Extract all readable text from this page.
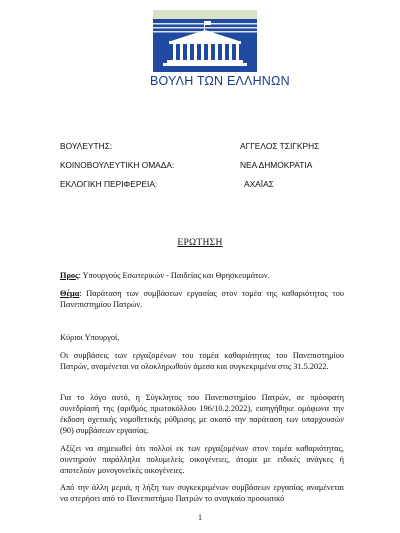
ΒΟΥΛΗ ΤΩΝ ΕΛΛΗΝΩΝ
ΒΟΥΛΕΥΤΗΣ:	ΑΓΓΕΛΟΣ ΤΣΙΓΚΡΗΣ
ΚΟΙΝΟΒΟΥΛΕΥΤΙΚΗ ΟΜΑΔΑ:	ΝΕΑ ΔΗΜΟΚΡΑΤΙΑ
ΕΚΛΟΓΙΚΗ ΠΕΡΙΦΕΡΕΙΑ:	ΑΧΑΪΑΣ
ΕΡΩΤΗΣΗ

Προς: Υπουργούς Εσωτερικών - Παιδείας και Θρησκευμάτων.

Θέμα: Παράταση των συμβάσεων εργασίας στον τομέα της καθαριότητας του Πανεπιστημίου Πατρών.

Κύριοι Υπουργοί,

Οι συμβάσεις των εργαζομένων του τομέα καθαριότητας του Πανεπιστημίου Πατρών, αναμένεται να ολοκληρωθούν άμεσα και συγκεκριμένα στις 31.5.2022.

Για το λόγο αυτό, η Σύγκλητος του Πανεπιστημίου Πατρών, σε πρόσφατη συνεδρίασή της (αριθμός πρωτοκόλλου 196/10.2.2022), εισηγήθηκε ομόφωνα την έκδοση σχετικής νομοθετικής ρύθμισης με σκοπό την παράταση των υπαρχουσών (90) συμβάσεων εργασίας.

Αξίζει να σημειωθεί ότι πολλοί εκ των εργαζομένων στον τομέα καθαριότητας, συντηρούν παράλληλα πολυμελείς οικογένειες, άτομα με ειδικές ανάγκες ή αποτελούν μονογονεϊκές οικογένειες.

Από την άλλη μεριά, η λήξη των συγκεκριμένων συμβάσεων εργασίας αναμένεται να στερήσει από το Πανεπιστήμιο Πατρών το αναγκαίο προσωπικό

1
